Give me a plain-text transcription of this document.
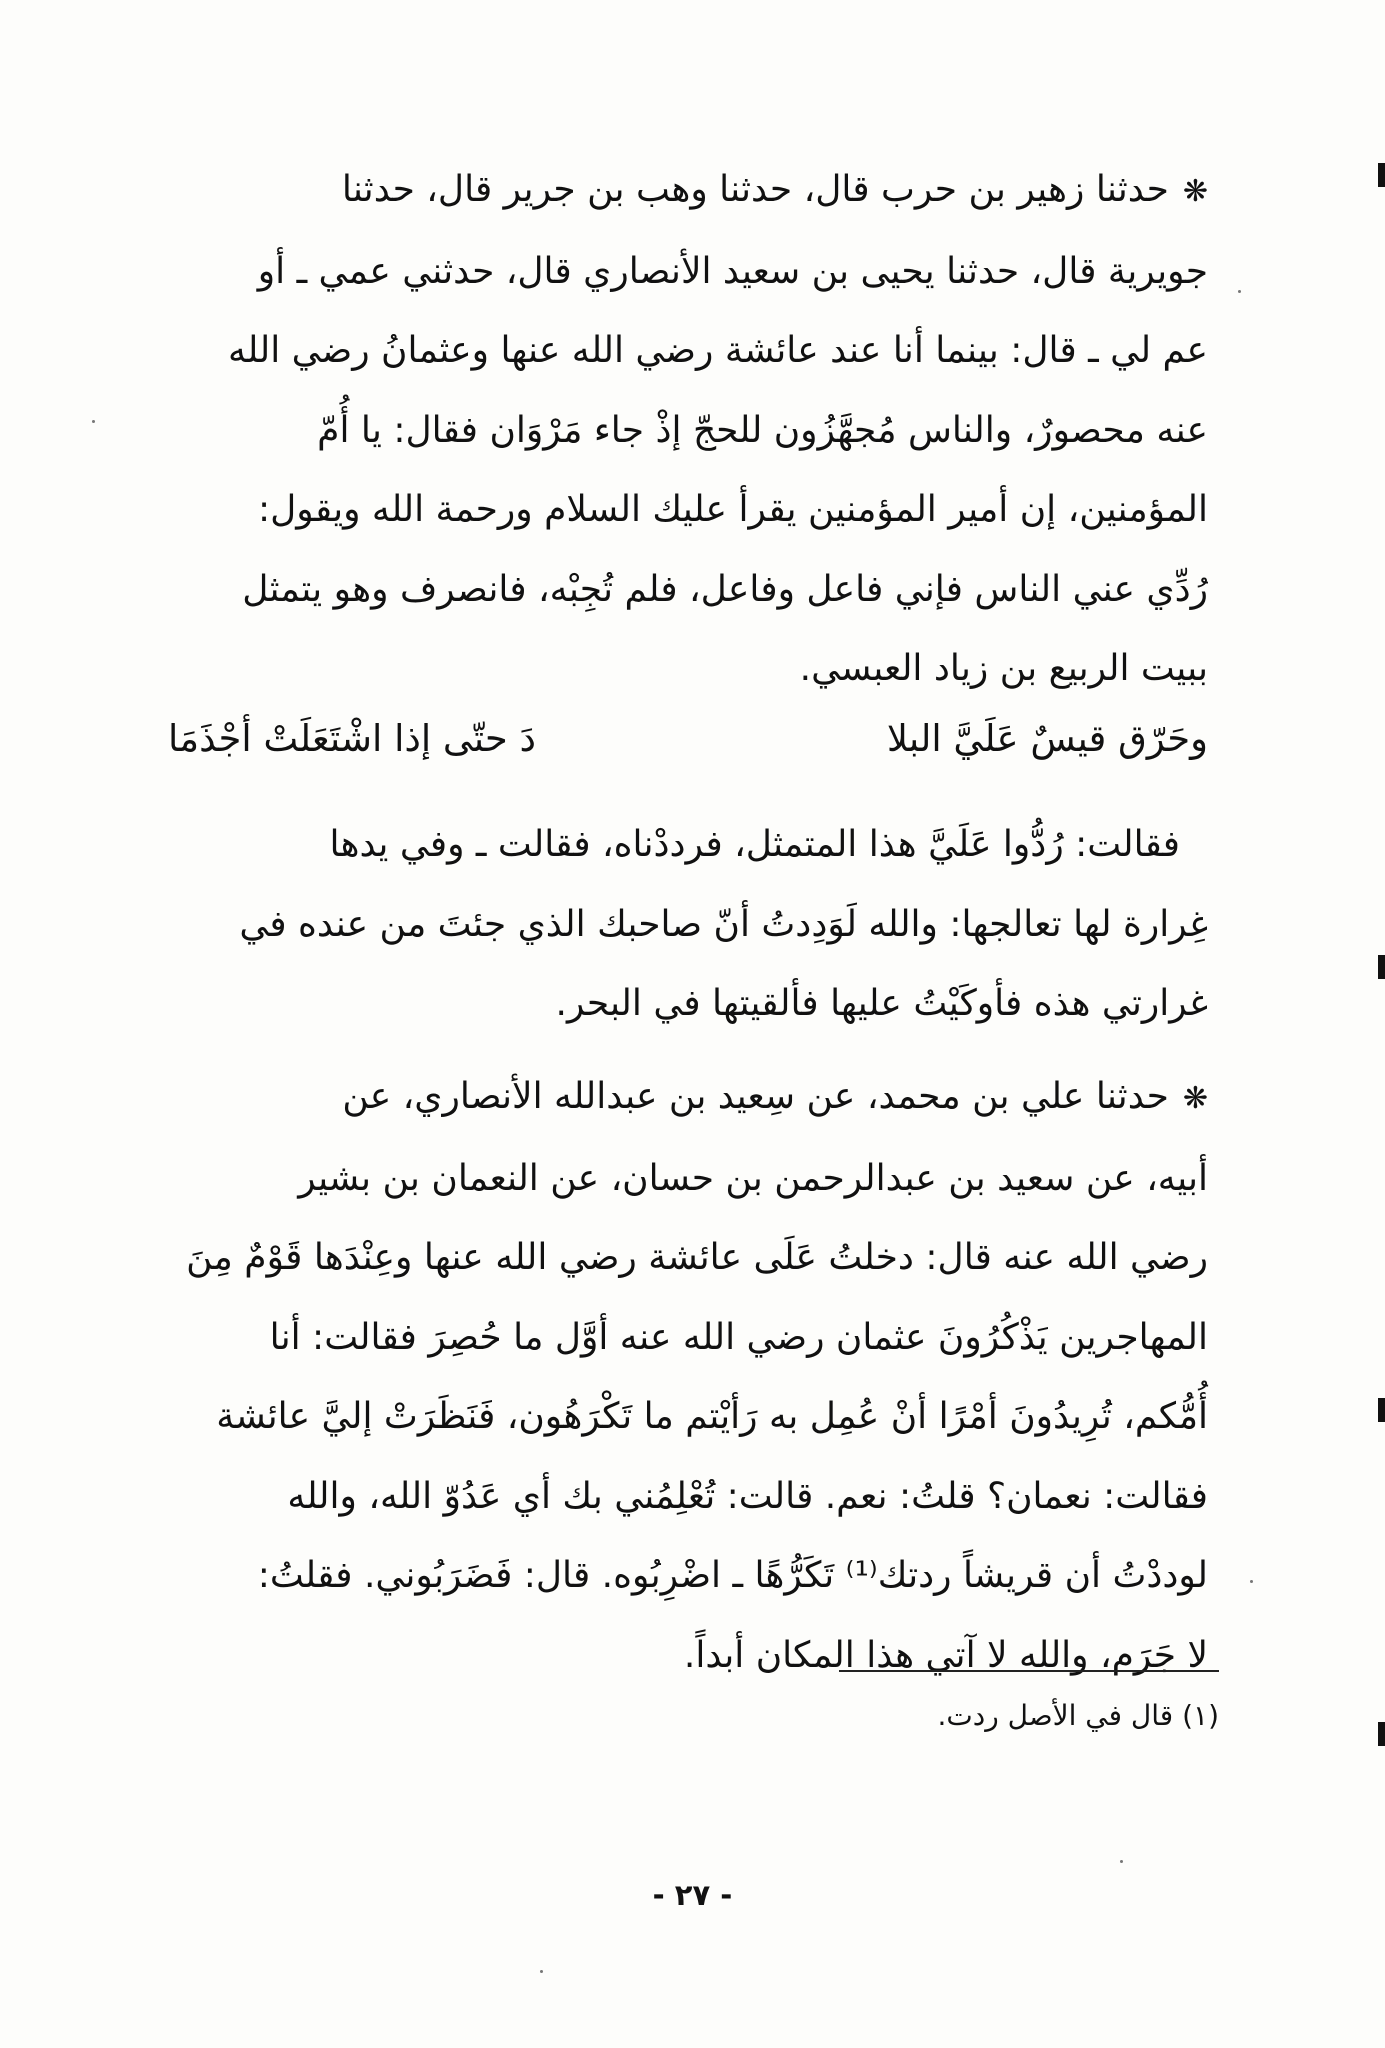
❋حدثنا زهير بن حرب قال، حدثنا وهب بن جرير قال، حدثنا
جويرية قال، حدثنا يحيى بن سعيد الأنصاري قال، حدثني عمي ـ أو
عم لي ـ قال: بينما أنا عند عائشة رضي الله عنها وعثمانُ رضي الله
عنه محصورٌ، والناس مُجهَّزُون للحجّ إذْ جاء مَرْوَان فقال: يا أُمّ
المؤمنين، إن أمير المؤمنين يقرأ عليك السلام ورحمة الله ويقول:
رُدِّي عني الناس فإني فاعل وفاعل، فلم تُجِبْه، فانصرف وهو يتمثل
ببيت الربيع بن زياد العبسي.
وحَرّق قيسٌ عَلَيَّ البلا
دَ حتّى إذا اشْتَعَلَتْ أجْذَمَا
فقالت: رُدُّوا عَلَيَّ هذا المتمثل، فرددْناه، فقالت ـ وفي يدها
غِرارة لها تعالجها: والله لَوَدِدتُ أنّ صاحبك الذي جئتَ من عنده في
غرارتي هذه فأوكَيْتُ عليها فألقيتها في البحر.
❋حدثنا علي بن محمد، عن سِعيد بن عبدالله الأنصاري، عن
أبيه، عن سعيد بن عبدالرحمن بن حسان، عن النعمان بن بشير
رضي الله عنه قال: دخلتُ عَلَى عائشة رضي الله عنها وعِنْدَها قَوْمٌ مِنَ
المهاجرين يَذْكُرُونَ عثمان رضي الله عنه أوَّل ما حُصِرَ فقالت: أنا
أُمُّكم، تُرِيدُونَ أمْرًا أنْ عُمِل به رَأيْتم ما تَكْرَهُون، فَنَظَرَتْ إليَّ عائشة
فقالت: نعمان؟ قلتُ: نعم. قالت: تُعْلِمُني بك أي عَدُوّ الله، والله
لوددْتُ أن قريشاً ردتك⁽¹⁾ تَكَرُّهًا ـ اضْرِبُوه. قال: فَضَرَبُوني. فقلتُ:
لا جَرَم، والله لا آتي هذا المكان أبداً.
(١) قال في الأصل ردت.
- ٢٧ -
